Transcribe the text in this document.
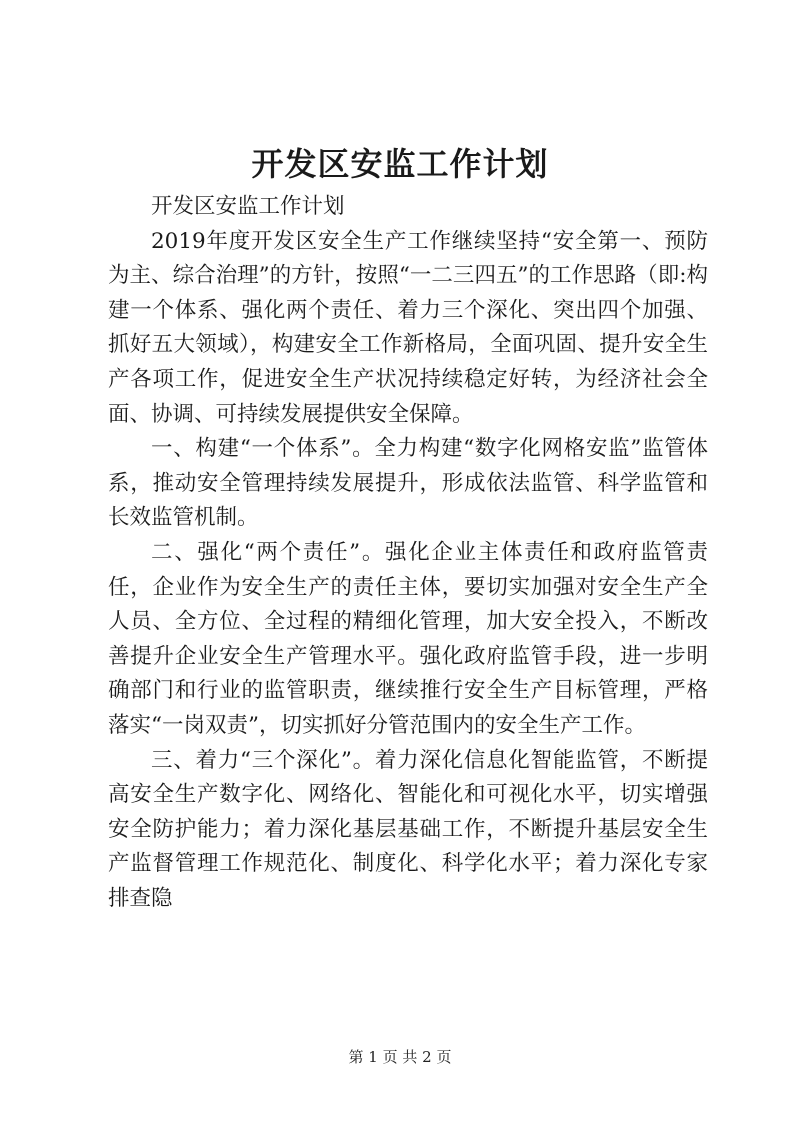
开发区安监工作计划

开发区安监工作计划

2019年度开发区安全生产工作继续坚持“安全第一、预防为主、综合治理”的方针，按照“一二三四五”的工作思路（即:构建一个体系、强化两个责任、着力三个深化、突出四个加强、抓好五大领域），构建安全工作新格局，全面巩固、提升安全生产各项工作，促进安全生产状况持续稳定好转，为经济社会全面、协调、可持续发展提供安全保障。

一、构建“一个体系”。全力构建“数字化网格安监”监管体系，推动安全管理持续发展提升，形成依法监管、科学监管和长效监管机制。

二、强化“两个责任”。强化企业主体责任和政府监管责任，企业作为安全生产的责任主体，要切实加强对安全生产全人员、全方位、全过程的精细化管理，加大安全投入，不断改善提升企业安全生产管理水平。强化政府监管手段，进一步明确部门和行业的监管职责，继续推行安全生产目标管理，严格落实“一岗双责”，切实抓好分管范围内的安全生产工作。

三、着力“三个深化”。着力深化信息化智能监管，不断提高安全生产数字化、网络化、智能化和可视化水平，切实增强安全防护能力；着力深化基层基础工作，不断提升基层安全生产监督管理工作规范化、制度化、科学化水平；着力深化专家排查隐

第 1 页 共 2 页
